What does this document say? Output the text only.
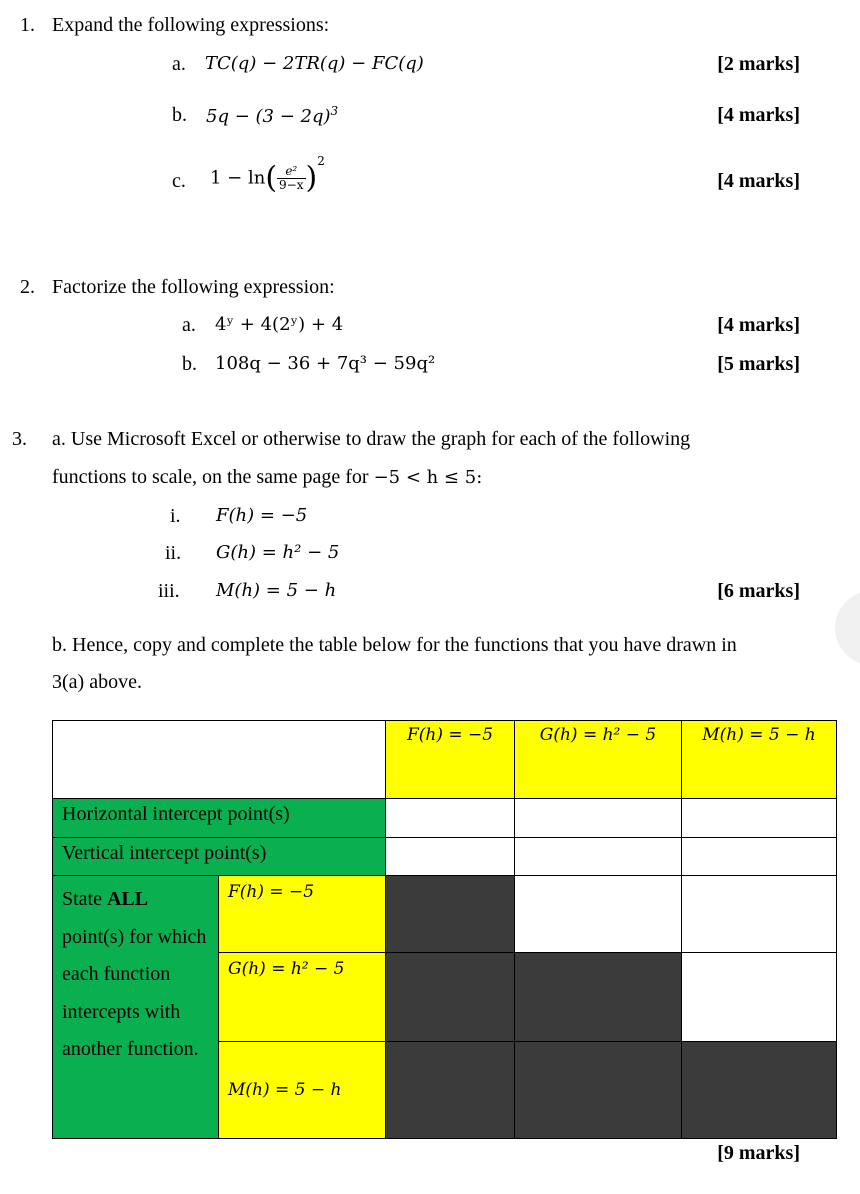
1. Expand the following expressions:
a. TC(q) − 2TR(q) − FC(q)	[2 marks]
b. $5q - (3 - 2q)^3$	[4 marks]
c. $1 - \ln( \frac{\text{e²}}{9-x} )^2$
[4 marks]
2. Factorize the following expression:
a. 4ʸ + 4(2ʸ) + 4	[4 marks]
b. 108q − 36 + 7q³ − 59q²	[5 marks]
3. a. Use Microsoft Excel or otherwise to draw the graph for each of the following
functions to scale, on the same page for −5 < h ≤ 5:
i. F(h) = −5
ii. G(h) = h² − 5
iii. M(h) = 5 − h	[6 marks]
b. Hence, copy and complete the table below for the functions that you have drawn in
3(a) above.
		F(h) = −5	G(h) = h² − 5	M(h) = 5 − h
Horizontal intercept point(s)				
Vertical intercept point(s)				
State ALL point(s) for which each function intercepts with another function.	F(h) = −5			
	G(h) = h² − 5			
	M(h) = 5 − h			
[9 marks]
